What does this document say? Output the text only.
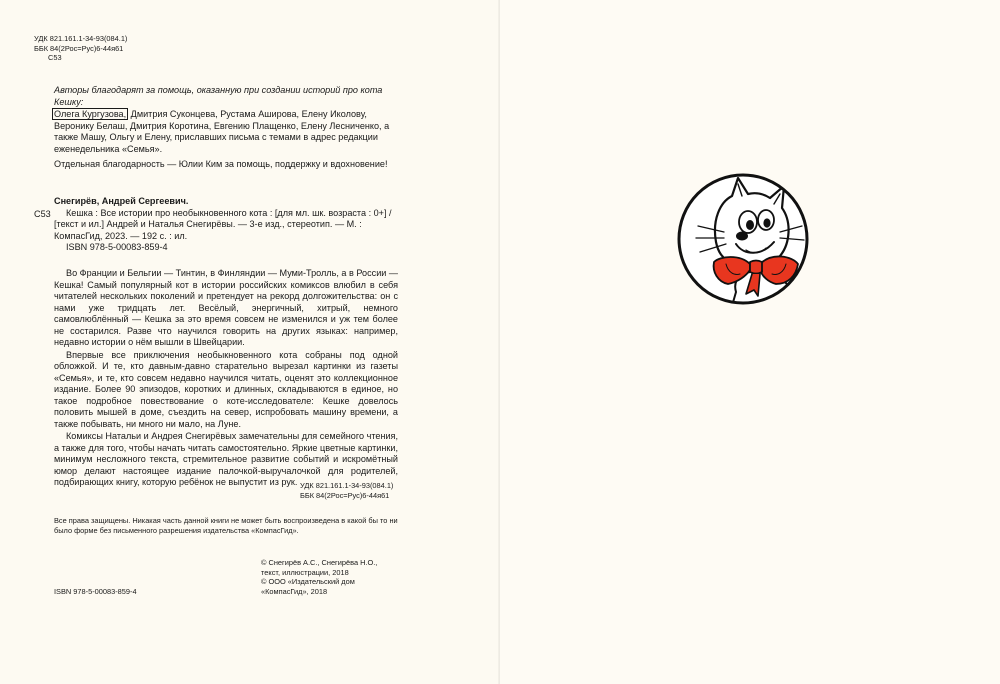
УДК 821.161.1-34-93(084.1)
ББК 84(2Рос=Рус)6-44я61
С53
Авторы благодарят за помощь, оказанную при создании историй про кота Кешку:
Олега Кургузова, Дмитрия Суконцева, Рустама Аширова, Елену Иколову, Веронику Белаш, Дмитрия Коротина, Евгению Плащенко, Елену Лесниченко, а также Машу, Ольгу и Елену, приславших письма с темами в адрес редакции еженедельника «Семья».
Отдельная благодарность — Юлии Ким за помощь, поддержку и вдохновение!
С53
Снегирёв, Андрей Сергеевич.
Кешка : Все истории про необыкновенного кота : [для мл. шк. возраста : 0+] / [текст и ил.] Андрей и Наталья Снегирёвы. — 3-е изд., стереотип. — М. : КомпасГид, 2023. — 192 с. : ил.
ISBN 978-5-00083-859-4

Во Франции и Бельгии — Тинтин, в Финляндии — Муми-Тролль, а в России — Кешка! Самый популярный кот в истории российских комиксов влюбил в себя читателей нескольких поколений и претендует на рекорд долгожительства: он с нами уже тридцать лет. Весёлый, энергичный, хитрый, немного самовлюблённый — Кешка за это время совсем не изменился и уж тем более не состарился. Разве что научился говорить на других языках: например, недавно истории о нём вышли в Швейцарии.

Впервые все приключения необыкновенного кота собраны под одной обложкой. И те, кто давным-давно старательно вырезал картинки из газеты «Семья», и те, кто совсем недавно научился читать, оценят это коллекционное издание. Более 90 эпизодов, коротких и длинных, складываются в единое, но такое подробное повествование о коте-исследователе: Кешке довелось половить мышей в доме, съездить на север, испробовать машину времени, а также побывать, ни много ни мало, на Луне.

Комиксы Натальи и Андрея Снегирёвых замечательны для семейного чтения, а также для того, чтобы начать читать самостоятельно. Яркие цветные картинки, минимум несложного текста, стремительное развитие событий и искромётный юмор делают настоящее издание палочкой-выручалочкой для родителей, подбирающих книгу, которую ребёнок не выпустит из рук. УДК 821.161.1-34-93(084.1)
ББК 84(2Рос=Рус)6-44я61
Все права защищены. Никакая часть данной книги не может быть воспроизведена в какой бы то ни было форме без письменного разрешения издательства «КомпасГид».
© Снегирёв А.С., Снегирёва Н.О.,
текст, иллюстрации, 2018
© ООО «Издательский дом
«КомпасГид», 2018
ISBN 978-5-00083-859-4
